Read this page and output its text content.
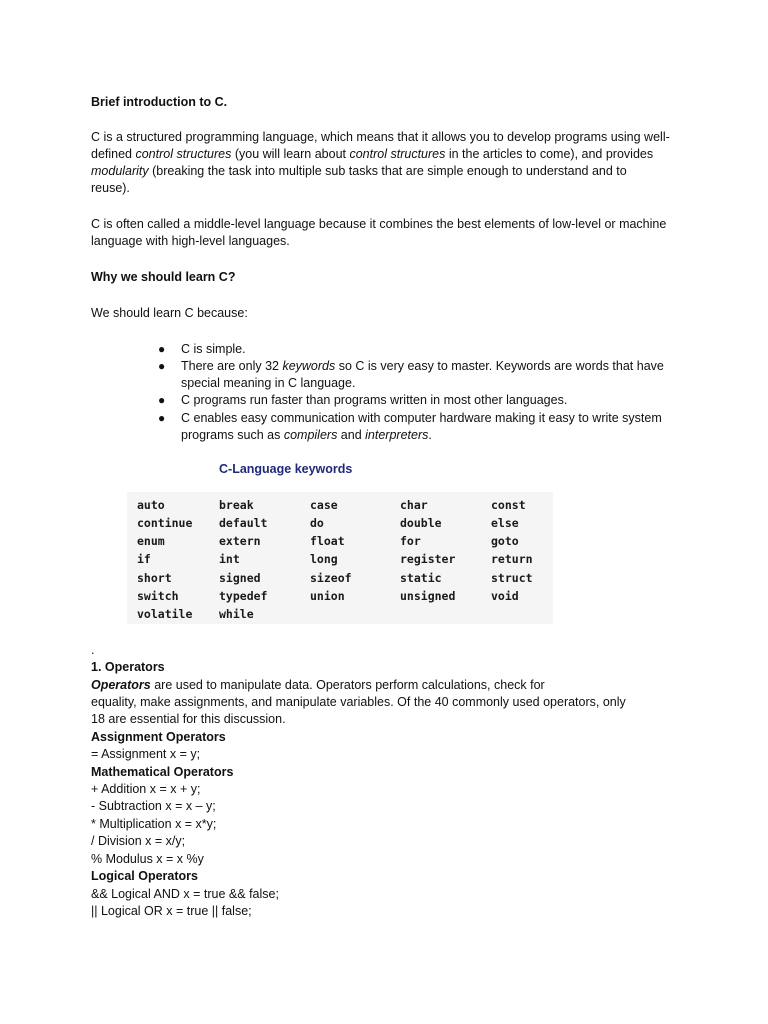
Brief introduction to C.
C is a structured programming language, which means that it allows you to develop programs using well-
defined control structures (you will learn about control structures in the articles to come), and provides
modularity (breaking the task into multiple sub tasks that are simple enough to understand and to
reuse).
C is often called a middle-level language because it combines the best elements of low-level or machine
language with high-level languages.
Why we should learn C?
We should learn C because:
● C is simple.
● There are only 32 keywords so C is very easy to master. Keywords are words that have
special meaning in C language.
● C programs run faster than programs written in most other languages.
● C enables easy communication with computer hardware making it easy to write system
programs such as compilers and interpreters.
C-Language keywords
auto	break	case	char	const
continue default	do	double	else
enum	extern	float	for	goto
if	int	long	register	return
short	signed	sizeof	static	struct
switch	typedef	union	unsigned	void
volatile while
.
1. Operators
Operators are used to manipulate data. Operators perform calculations, check for
equality, make assignments, and manipulate variables. Of the 40 commonly used operators, only
18 are essential for this discussion.
Assignment Operators
= Assignment x = y;
Mathematical Operators
+ Addition x = x + y;
- Subtraction x = x – y;
* Multiplication x = x*y;
/ Division x = x/y;
% Modulus x = x %y
Logical Operators
&& Logical AND x = true && false;
|| Logical OR x = true || false;
